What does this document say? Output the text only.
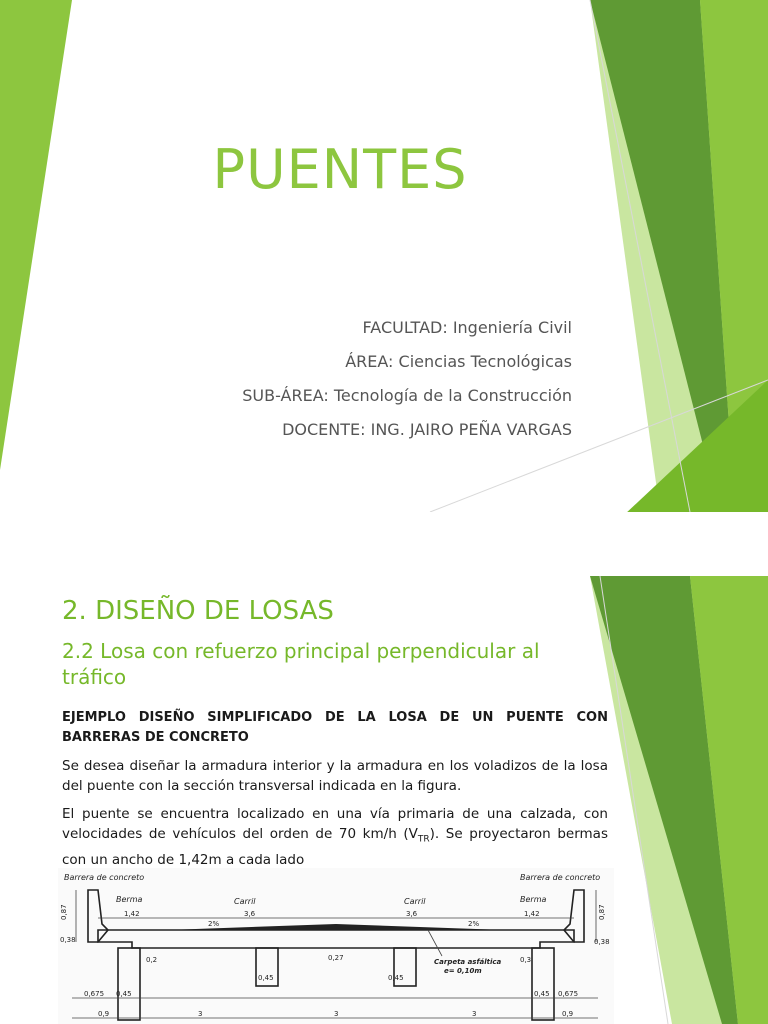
PUENTES
FACULTAD: Ingeniería Civil
ÁREA: Ciencias Tecnológicas
SUB-ÁREA: Tecnología de la Construcción
DOCENTE: ING. JAIRO PEÑA VARGAS
2. DISEÑO DE LOSAS
2.2 Losa con refuerzo principal perpendicular al tráfico
EJEMPLO DISEÑO SIMPLIFICADO DE LA LOSA DE UN PUENTE CON BARRERAS DE CONCRETO
Se desea diseñar la armadura interior y la armadura en los voladizos de la losa del puente con la sección transversal indicada en la figura.
El puente se encuentra localizado en una vía primaria de una calzada, con velocidades de vehículos del orden de 70 km/h $(V_{TR})$. Se proyectaron bermas con un ancho de 1,42m a cada lado
Barrera de concreto	Barrera de concreto
Berma	Carril	Carril	Berma
1,42	3,6	3,6	1,42
2%	2%
0,87	0,87
0,38	0,38
0,2	0,27	0,3
0,45	0,45
0,675 0,45	0,45 0,675
0,9	3	3	3	0,9
Carpeta asfáltica
e= 0,10m
